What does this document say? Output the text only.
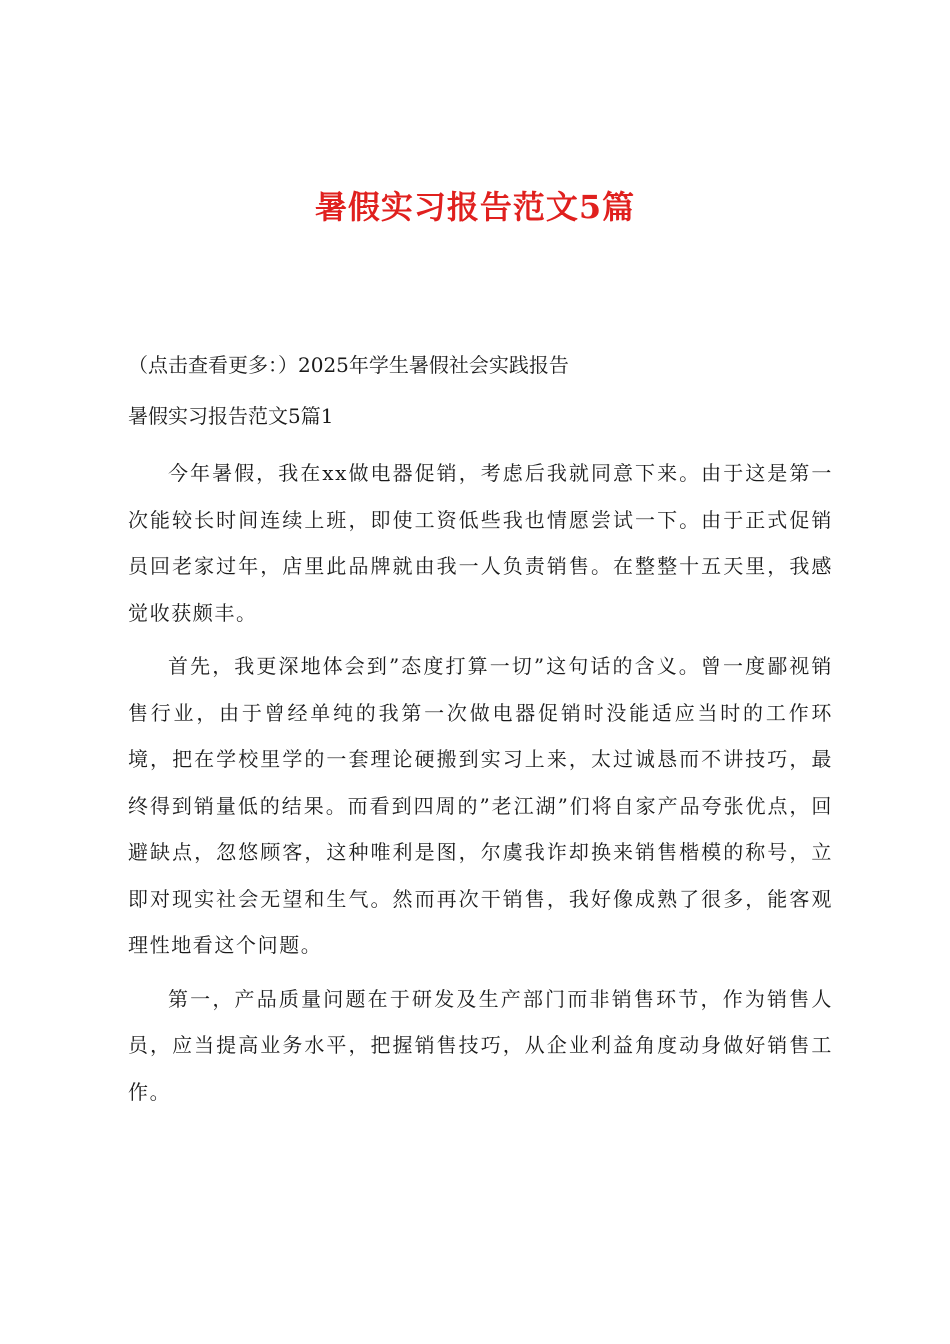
暑假实习报告范文5篇

（点击查看更多：）2025年学生暑假社会实践报告

暑假实习报告范文5篇1

今年暑假，我在xx做电器促销，考虑后我就同意下来。由于这是第一次能较长时间连续上班，即使工资低些我也情愿尝试一下。由于正式促销员回老家过年，店里此品牌就由我一人负责销售。在整整十五天里，我感觉收获颇丰。

首先，我更深地体会到”态度打算一切”这句话的含义。曾一度鄙视销售行业，由于曾经单纯的我第一次做电器促销时没能适应当时的工作环境，把在学校里学的一套理论硬搬到实习上来，太过诚恳而不讲技巧，最终得到销量低的结果。而看到四周的”老江湖”们将自家产品夸张优点，回避缺点，忽悠顾客，这种唯利是图，尔虞我诈却换来销售楷模的称号，立即对现实社会无望和生气。然而再次干销售，我好像成熟了很多，能客观理性地看这个问题。

第一，产品质量问题在于研发及生产部门而非销售环节，作为销售人员，应当提高业务水平，把握销售技巧，从企业利益角度动身做好销售工作。
